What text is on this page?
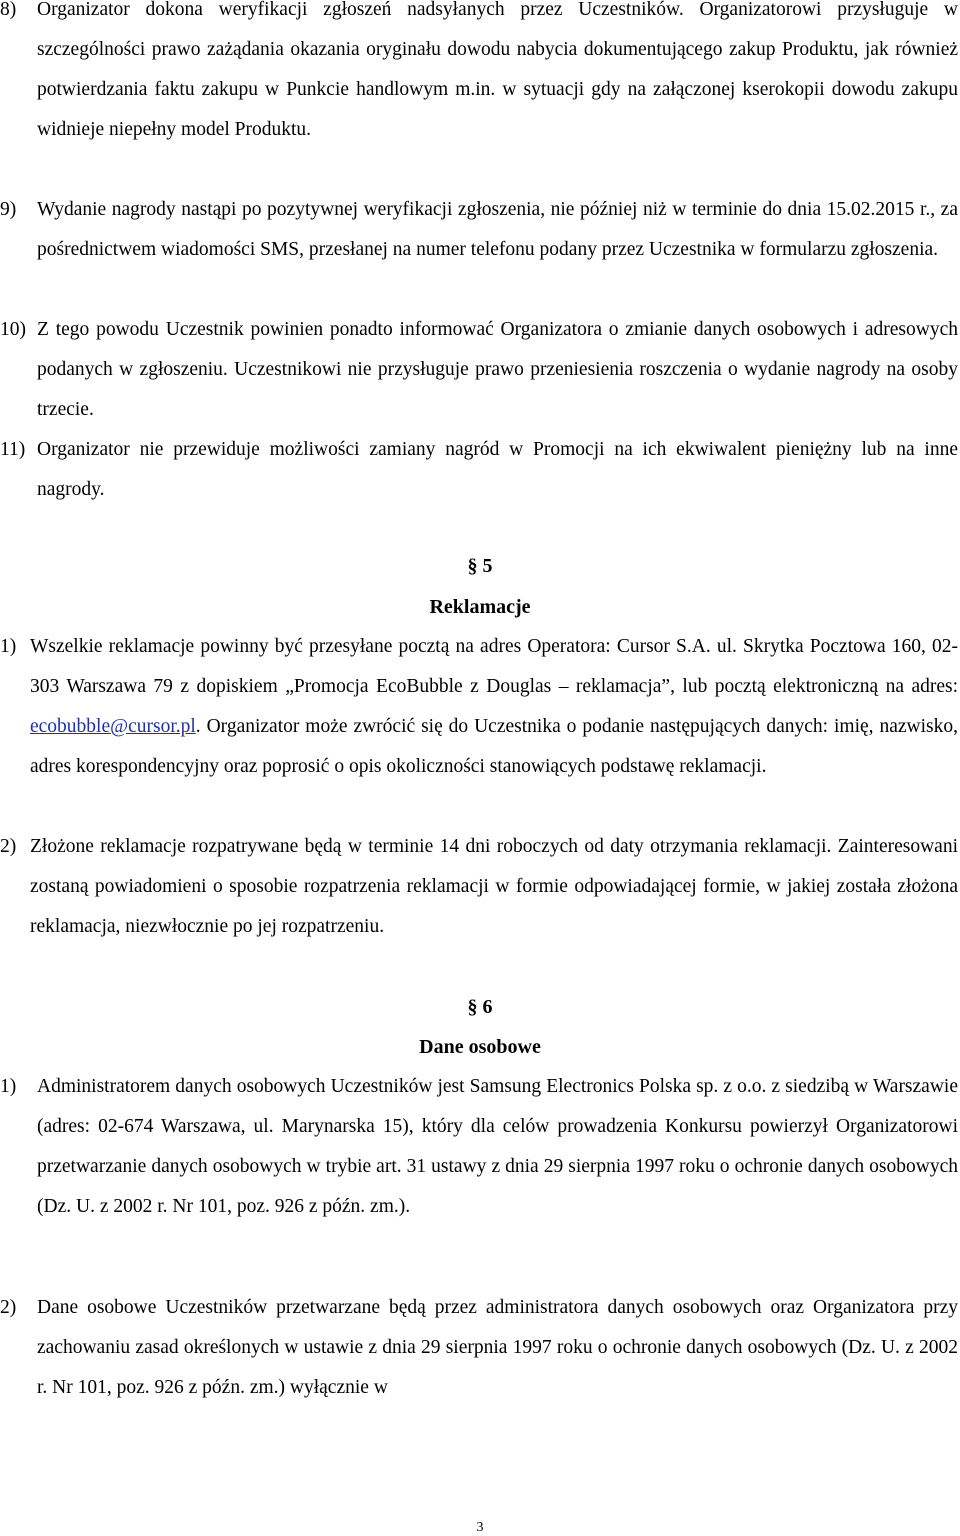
8)	Organizator dokona weryfikacji zgłoszeń nadsyłanych przez Uczestników. Organizatorowi przysługuje w szczególności prawo zażądania okazania oryginału dowodu nabycia dokumentującego zakup Produktu, jak również potwierdzania faktu zakupu w Punkcie handlowym m.in. w sytuacji gdy na załączonej kserokopii dowodu zakupu widnieje niepełny model Produktu.
9)	Wydanie nagrody nastąpi po pozytywnej weryfikacji zgłoszenia, nie później niż w terminie do dnia 15.02.2015 r., za pośrednictwem wiadomości SMS, przesłanej na numer telefonu podany przez Uczestnika w formularzu zgłoszenia.
10) Z tego powodu Uczestnik powinien ponadto informować Organizatora o zmianie danych osobowych i adresowych podanych w zgłoszeniu. Uczestnikowi nie przysługuje prawo przeniesienia roszczenia o wydanie nagrody na osoby trzecie.
11) Organizator nie przewiduje możliwości zamiany nagród w Promocji na ich ekwiwalent pieniężny lub na inne nagrody.
§ 5
Reklamacje
1) Wszelkie reklamacje powinny być przesyłane pocztą na adres Operatora: Cursor S.A. ul. Skrytka Pocztowa 160, 02-303 Warszawa 79 z dopiskiem „Promocja EcoBubble z Douglas – reklamacja”, lub pocztą elektroniczną na adres: ecobubble@cursor.pl. Organizator może zwrócić się do Uczestnika o podanie następujących danych: imię, nazwisko, adres korespondencyjny oraz poprosić o opis okoliczności stanowiących podstawę reklamacji.
2) Złożone reklamacje rozpatrywane będą w terminie 14 dni roboczych od daty otrzymania reklamacji. Zainteresowani zostaną powiadomieni o sposobie rozpatrzenia reklamacji w formie odpowiadającej formie, w jakiej została złożona reklamacja, niezwłocznie po jej rozpatrzeniu.
§ 6
Dane osobowe
1)	Administratorem danych osobowych Uczestników jest Samsung Electronics Polska sp. z o.o. z siedzibą w Warszawie (adres: 02-674 Warszawa, ul. Marynarska 15), który dla celów prowadzenia Konkursu powierzył Organizatorowi przetwarzanie danych osobowych w trybie art. 31 ustawy z dnia 29 sierpnia 1997 roku o ochronie danych osobowych (Dz. U. z 2002 r. Nr 101, poz. 926 z późn. zm.).
2)	Dane osobowe Uczestników przetwarzane będą przez administratora danych osobowych oraz Organizatora przy zachowaniu zasad określonych w ustawie z dnia 29 sierpnia 1997 roku o ochronie danych osobowych (Dz. U. z 2002 r. Nr 101, poz. 926 z późn. zm.) wyłącznie w
3
